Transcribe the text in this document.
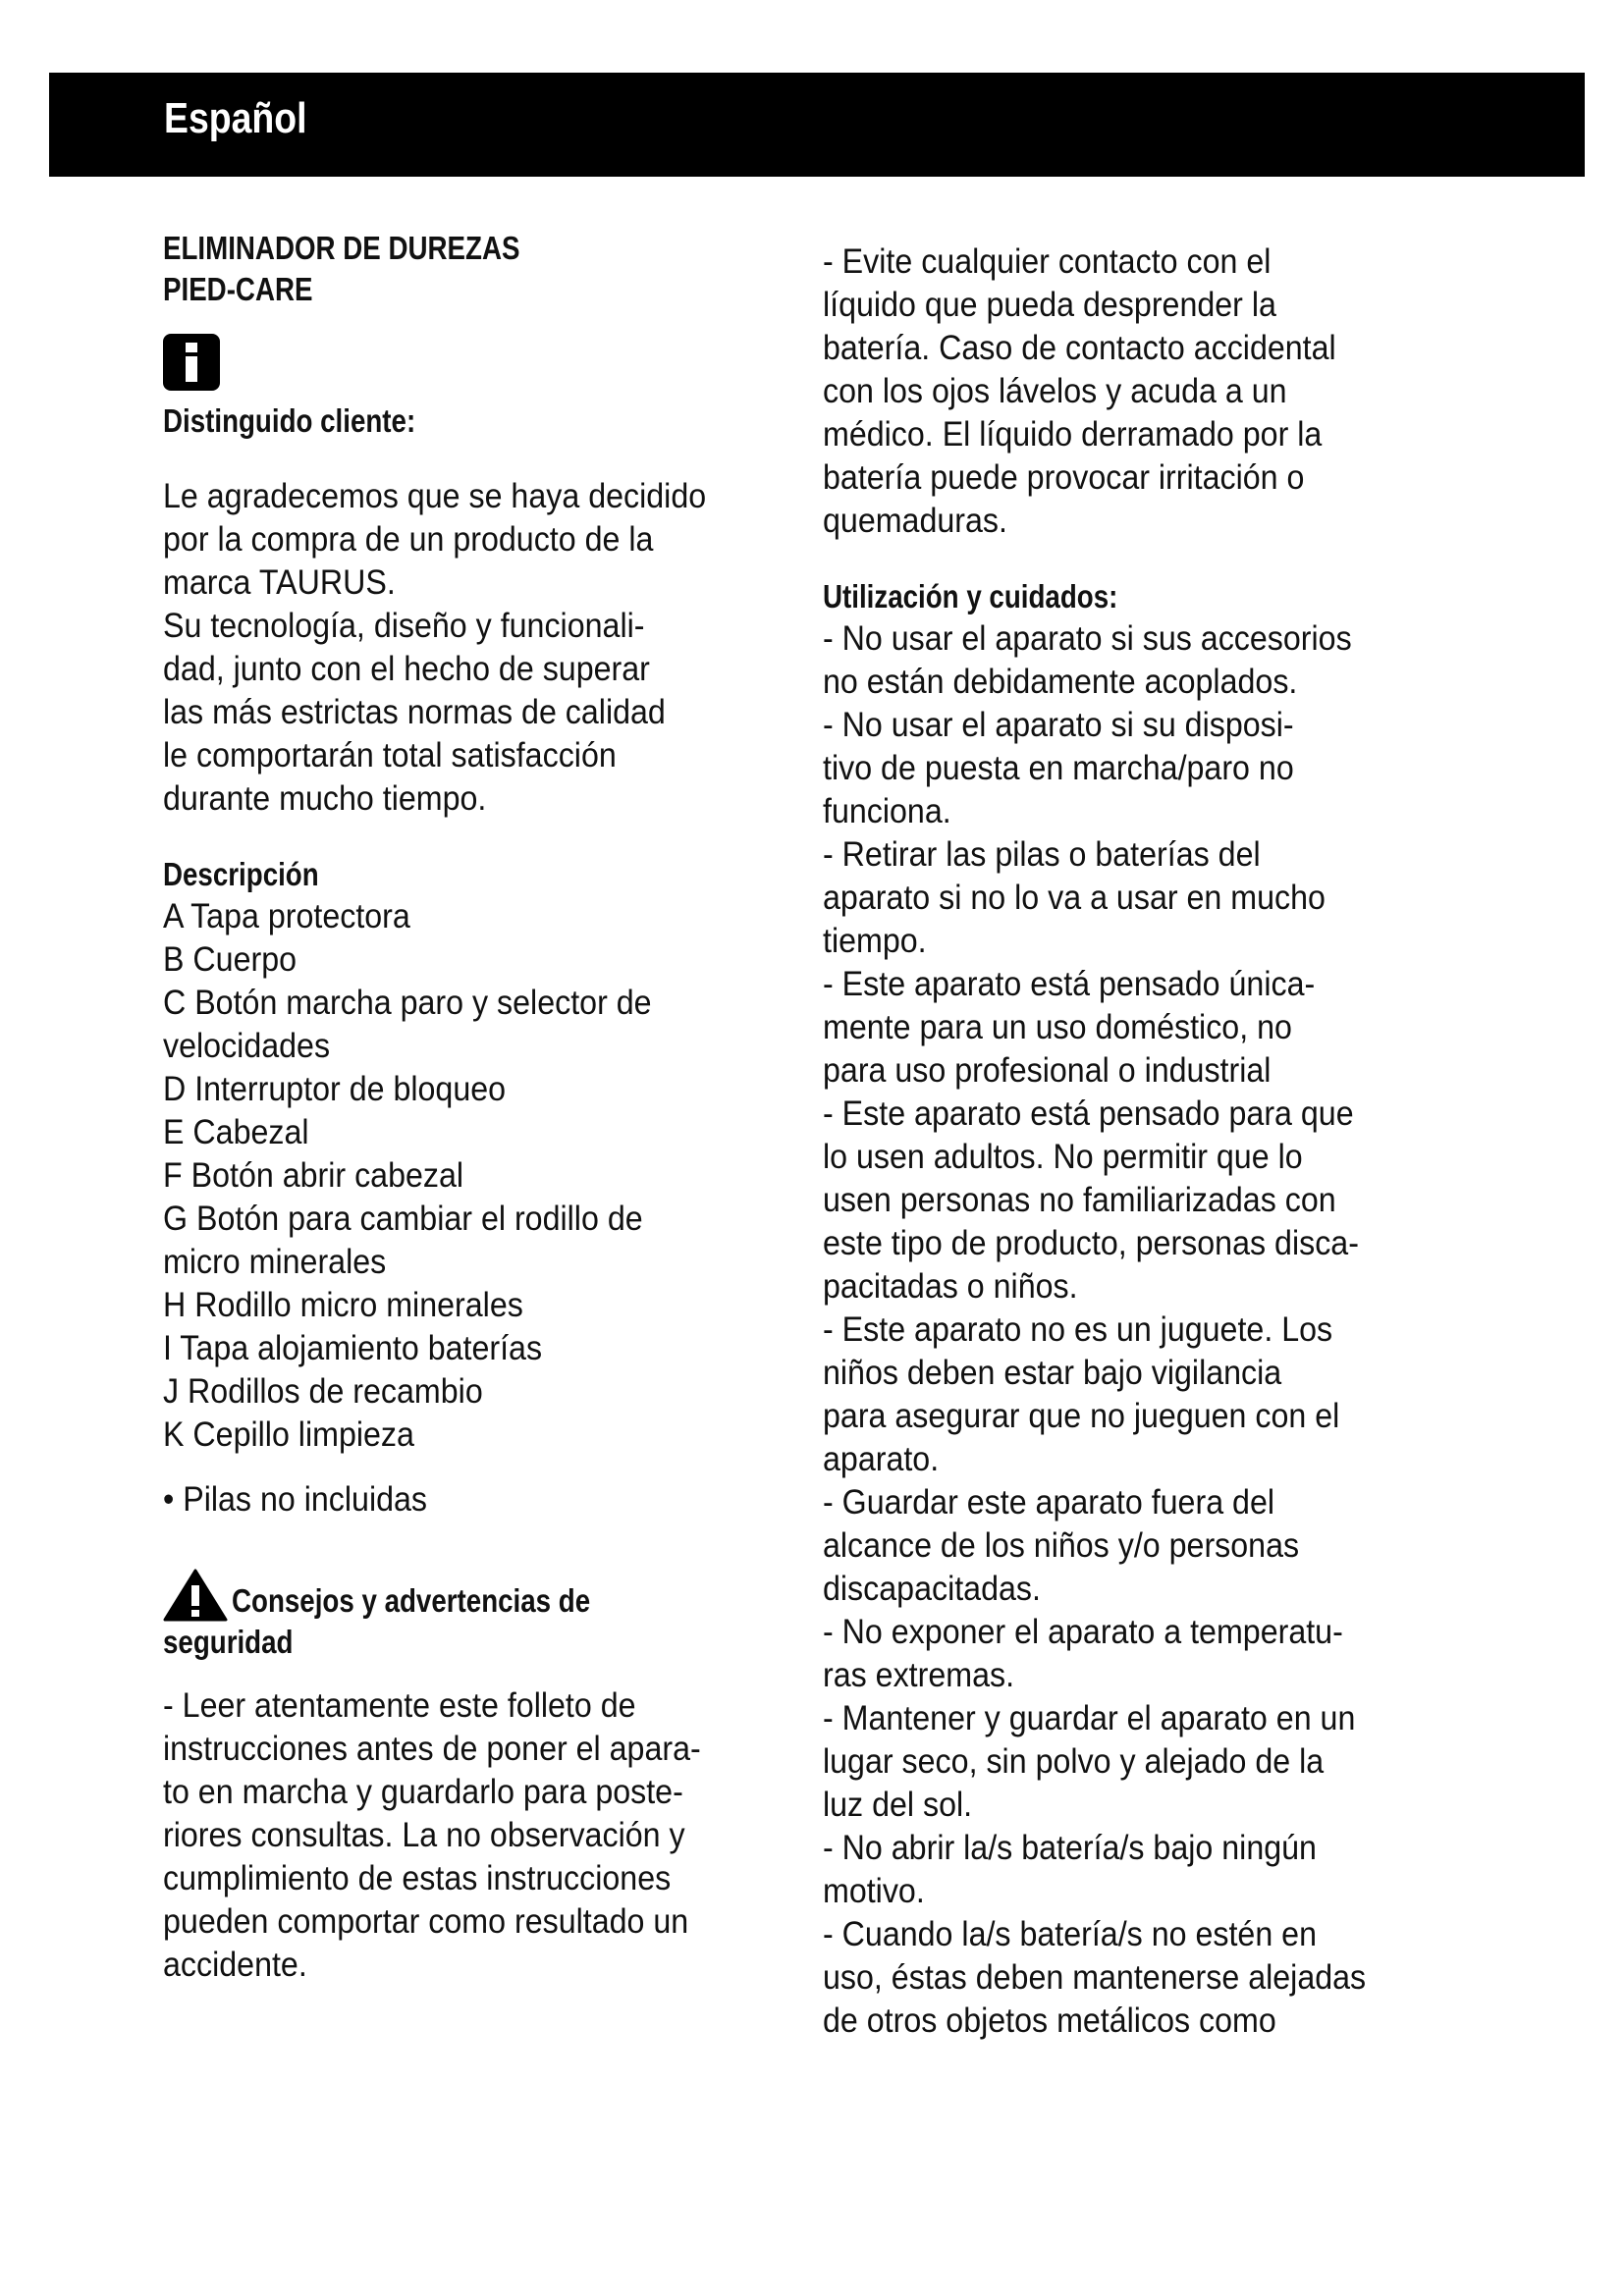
Español
ELIMINADOR DE DUREZAS
PIED-CARE
Distinguido cliente:
Le agradecemos que se haya decidido
por la compra de un producto de la
marca TAURUS.
Su tecnología, diseño y funcionali-
dad, junto con el hecho de superar
las más estrictas normas de calidad
le comportarán total satisfacción
durante mucho tiempo.
Descripción
A Tapa protectora
B Cuerpo
C Botón marcha paro y selector de
velocidades
D Interruptor de bloqueo
E Cabezal
F Botón abrir cabezal
G Botón para cambiar el rodillo de
micro minerales
H Rodillo micro minerales
I Tapa alojamiento baterías
J Rodillos de recambio
K Cepillo limpieza
• Pilas no incluidas
Consejos y advertencias de
seguridad
- Leer atentamente este folleto de
instrucciones antes de poner el apara-
to en marcha y guardarlo para poste-
riores consultas. La no observación y
cumplimiento de estas instrucciones
pueden comportar como resultado un
accidente.
- Evite cualquier contacto con el
líquido que pueda desprender la
batería. Caso de contacto accidental
con los ojos lávelos y acuda a un
médico. El líquido derramado por la
batería puede provocar irritación o
quemaduras.
Utilización y cuidados:
- No usar el aparato si sus accesorios
no están debidamente acoplados.
- No usar el aparato si su disposi-
tivo de puesta en marcha/paro no
funciona.
- Retirar las pilas o baterías del
aparato si no lo va a usar en mucho
tiempo.
- Este aparato está pensado única-
mente para un uso doméstico, no
para uso profesional o industrial
- Este aparato está pensado para que
lo usen adultos. No permitir que lo
usen personas no familiarizadas con
este tipo de producto, personas disca-
pacitadas o niños.
- Este aparato no es un juguete. Los
niños deben estar bajo vigilancia
para asegurar que no jueguen con el
aparato.
- Guardar este aparato fuera del
alcance de los niños y/o personas
discapacitadas.
- No exponer el aparato a temperatu-
ras extremas.
- Mantener y guardar el aparato en un
lugar seco, sin polvo y alejado de la
luz del sol.
- No abrir la/s batería/s bajo ningún
motivo.
- Cuando la/s batería/s no estén en
uso, éstas deben mantenerse alejadas
de otros objetos metálicos como
